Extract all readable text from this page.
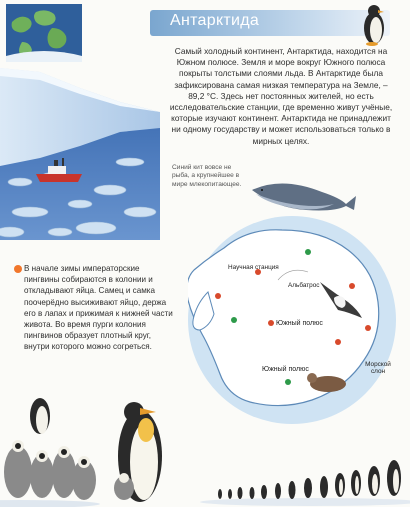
Антарктида
Самый холодный континент, Антарктида, находится на Южном полюсе. Земля и море вокруг Южного полюса покрыты толстыми слоями льда. В Антарктиде была зафиксирована самая низкая температура на Земле, –89,2 °С. Здесь нет постоянных жителей, но есть исследовательские станции, где временно живут учёные, которые изучают континент. Антарктида не принадлежит ни одному государству и может использоваться только в мирных целях.
Синий кит вовсе не рыба, а крупнейшее в мире млекопитающее.
Научная станция
Альбатрос
Южный полюс
Морской слон
Южный полюс
В начале зимы императорские пингвины собираются в колонии и откладывают яйца. Самец и самка поочерёдно высиживают яйцо, держа его в лапах и прижимая к нижней части живота. Во время пурги колония пингвинов образует плотный круг, внутри которого можно согреться.
